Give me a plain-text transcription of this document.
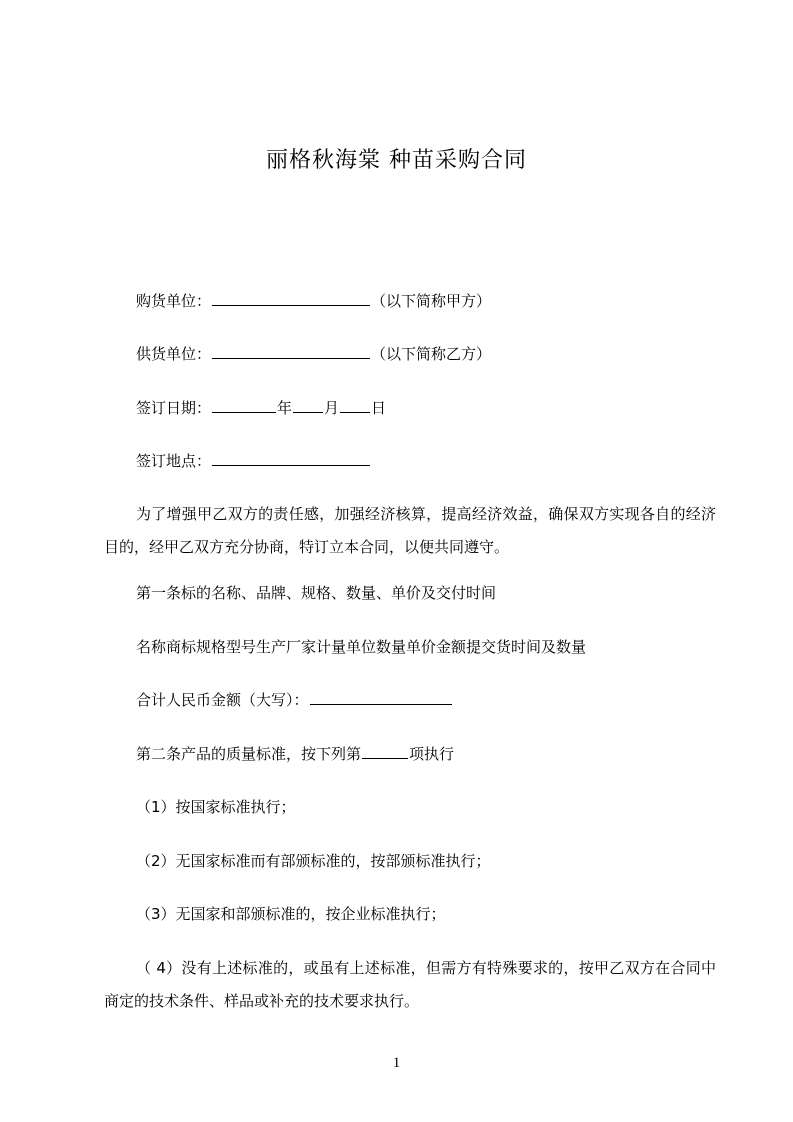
丽格秋海棠 种苗采购合同
购货单位：	（以下简称甲方）
供货单位：	（以下简称乙方）
签订日期：	年 月 日
签订地点：
为了增强甲乙双方的责任感，加强经济核算，提高经济效益，确保双方实现各自的经济目的，经甲乙双方充分协商，特订立本合同，以便共同遵守。
第一条标的名称、品牌、规格、数量、单价及交付时间
名称商标规格型号生产厂家计量单位数量单价金额提交货时间及数量
合计人民币金额（大写）：
第二条产品的质量标准，按下列第	项执行
（1）按国家标准执行；
（2）无国家标准而有部颁标准的，按部颁标准执行；
（3）无国家和部颁标准的，按企业标准执行；
（ 4）没有上述标准的，或虽有上述标准，但需方有特殊要求的，按甲乙双方在合同中商定的技术条件、样品或补充的技术要求执行。
1
